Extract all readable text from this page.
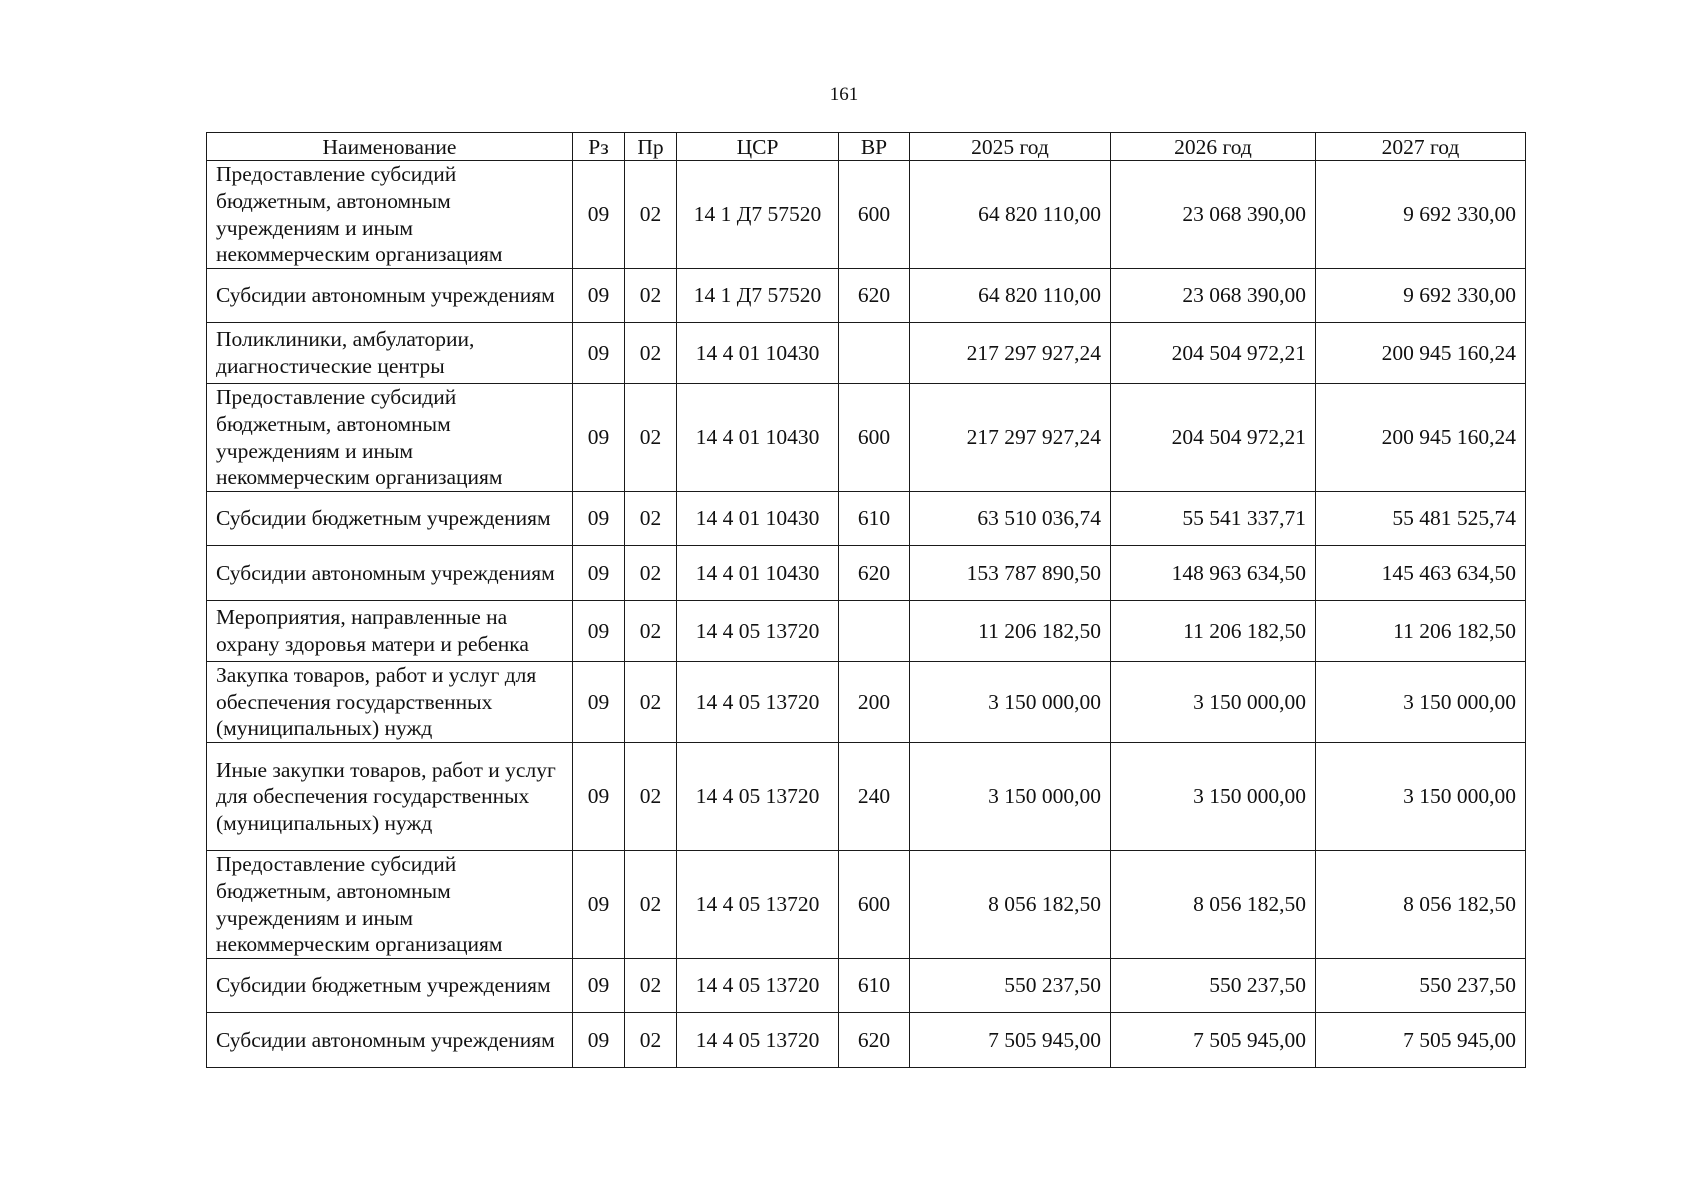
161
Наименование	Рз	Пр	ЦСР	ВР	2025 год	2026 год	2027 год
Предоставление субсидий бюджетным, автономным учреждениям и иным некоммерческим организациям	09	02	14 1 Д7 57520	600	64 820 110,00	23 068 390,00	9 692 330,00
Субсидии автономным учреждениям	09	02	14 1 Д7 57520	620	64 820 110,00	23 068 390,00	9 692 330,00
Поликлиники, амбулатории, диагностические центры	09	02	14 4 01 10430		217 297 927,24	204 504 972,21	200 945 160,24
Предоставление субсидий бюджетным, автономным учреждениям и иным некоммерческим организациям	09	02	14 4 01 10430	600	217 297 927,24	204 504 972,21	200 945 160,24
Субсидии бюджетным учреждениям	09	02	14 4 01 10430	610	63 510 036,74	55 541 337,71	55 481 525,74
Субсидии автономным учреждениям	09	02	14 4 01 10430	620	153 787 890,50	148 963 634,50	145 463 634,50
Мероприятия, направленные на охрану здоровья матери и ребенка	09	02	14 4 05 13720		11 206 182,50	11 206 182,50	11 206 182,50
Закупка товаров, работ и услуг для обеспечения государственных (муниципальных) нужд	09	02	14 4 05 13720	200	3 150 000,00	3 150 000,00	3 150 000,00
Иные закупки товаров, работ и услуг для обеспечения государственных (муниципальных) нужд	09	02	14 4 05 13720	240	3 150 000,00	3 150 000,00	3 150 000,00
Предоставление субсидий бюджетным, автономным учреждениям и иным некоммерческим организациям	09	02	14 4 05 13720	600	8 056 182,50	8 056 182,50	8 056 182,50
Субсидии бюджетным учреждениям	09	02	14 4 05 13720	610	550 237,50	550 237,50	550 237,50
Субсидии автономным учреждениям	09	02	14 4 05 13720	620	7 505 945,00	7 505 945,00	7 505 945,00
